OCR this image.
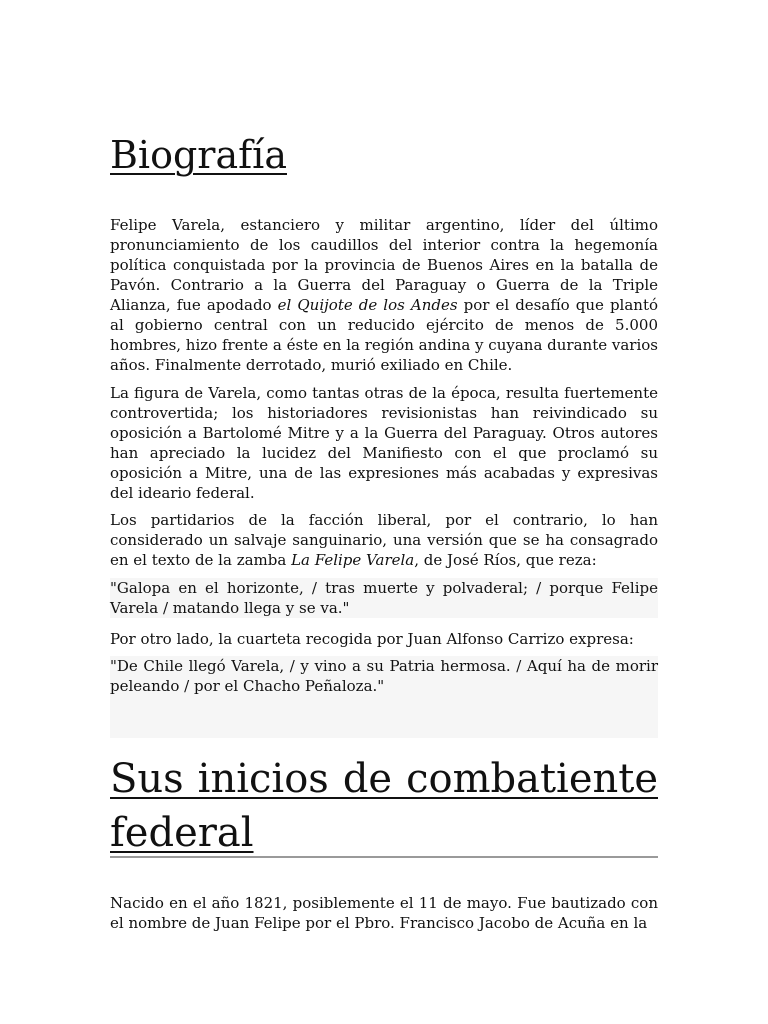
Biografía

Felipe Varela, estanciero y militar argentino, líder del último pronunciamiento de los caudillos del interior contra la hegemonía política conquistada por la provincia de Buenos Aires en la batalla de Pavón. Contrario a la Guerra del Paraguay o Guerra de la Triple Alianza, fue apodado el Quijote de los Andes por el desafío que plantó al gobierno central con un reducido ejército de menos de 5.000 hombres, hizo frente a éste en la región andina y cuyana durante varios años. Finalmente derrotado, murió exiliado en Chile.

La figura de Varela, como tantas otras de la época, resulta fuertemente controvertida; los historiadores revisionistas han reivindicado su oposición a Bartolomé Mitre y a la Guerra del Paraguay. Otros autores han apreciado la lucidez del Manifiesto con el que proclamó su oposición a Mitre, una de las expresiones más acabadas y expresivas del ideario federal.

Los partidarios de la facción liberal, por el contrario, lo han considerado un salvaje sanguinario, una versión que se ha consagrado en el texto de la zamba La Felipe Varela, de José Ríos, que reza:

"Galopa en el horizonte, / tras muerte y polvaderal; / porque Felipe Varela / matando llega y se va."

Por otro lado, la cuarteta recogida por Juan Alfonso Carrizo expresa:

"De Chile llegó Varela, / y vino a su Patria hermosa. / Aquí ha de morir peleando / por el Chacho Peñaloza."

Sus inicios de combatiente federal

Nacido en el año 1821, posiblemente el 11 de mayo. Fue bautizado con el nombre de Juan Felipe por el Pbro. Francisco Jacobo de Acuña en la
